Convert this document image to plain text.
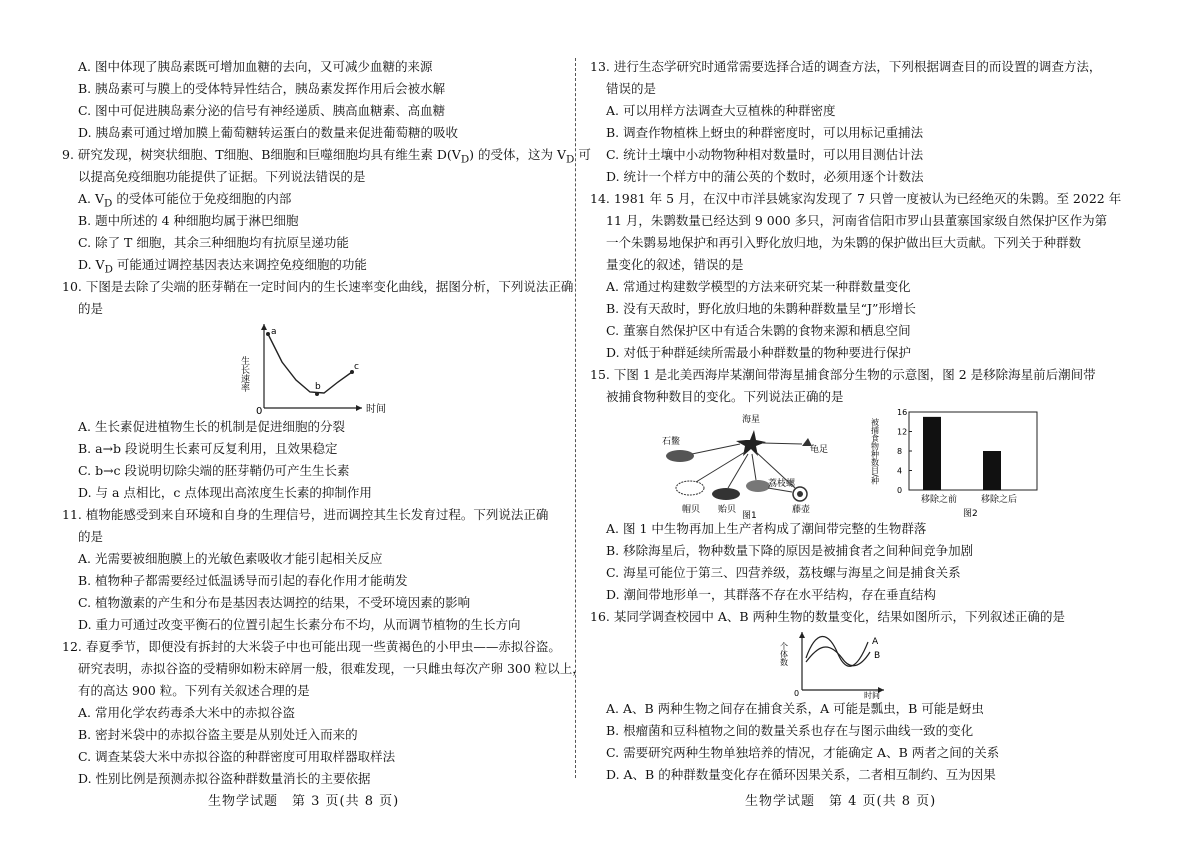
A. 图中体现了胰岛素既可增加血糖的去向，又可减少血糖的来源
B. 胰岛素可与膜上的受体特异性结合，胰岛素发挥作用后会被水解
C. 图中可促进胰岛素分泌的信号有神经递质、胰高血糖素、高血糖
D. 胰岛素可通过增加膜上葡萄糖转运蛋白的数量来促进葡萄糖的吸收
9. 研究发现，树突状细胞、T细胞、B细胞和巨噬细胞均具有维生素 $D(V_D)$ 的受体，这为 $V_D$ 可
以提高免疫细胞功能提供了证据。下列说法错误的是
A. $V_D$ 的受体可能位于免疫细胞的内部
B. 题中所述的 4 种细胞均属于淋巴细胞
C. 除了 T 细胞，其余三种细胞均有抗原呈递功能
D. $V_D$ 可能通过调控基因表达来调控免疫细胞的功能
10. 下图是去除了尖端的胚芽鞘在一定时间内的生长速率变化曲线，据图分析，下列说法正确
的是
生长速率
时间
0
a
b
c
A. 生长素促进植物生长的机制是促进细胞的分裂
B. a→b 段说明生长素可反复利用，且效果稳定
C. b→c 段说明切除尖端的胚芽鞘仍可产生生长素
D. 与 a 点相比，c 点体现出高浓度生长素的抑制作用
11. 植物能感受到来自环境和自身的生理信号，进而调控其生长发育过程。下列说法正确
的是
A. 光需要被细胞膜上的光敏色素吸收才能引起相关反应
B. 植物种子都需要经过低温诱导而引起的春化作用才能萌发
C. 植物激素的产生和分布是基因表达调控的结果，不受环境因素的影响
D. 重力可通过改变平衡石的位置引起生长素分布不均，从而调节植物的生长方向
12. 春夏季节，即便没有拆封的大米袋子中也可能出现一些黄褐色的小甲虫——赤拟谷盗。
研究表明，赤拟谷盗的受精卵如粉末碎屑一般，很难发现，一只雌虫每次产卵 300 粒以上，
有的高达 900 粒。下列有关叙述合理的是
A. 常用化学农药毒杀大米中的赤拟谷盗
B. 密封米袋中的赤拟谷盗主要是从别处迁入而来的
C. 调查某袋大米中赤拟谷盗的种群密度可用取样器取样法
D. 性别比例是预测赤拟谷盗种群数量消长的主要依据
13. 进行生态学研究时通常需要选择合适的调查方法，下列根据调查目的而设置的调查方法，
错误的是
A. 可以用样方法调查大豆植株的种群密度
B. 调查作物植株上蚜虫的种群密度时，可以用标记重捕法
C. 统计土壤中小动物物种相对数量时，可以用目测估计法
D. 统计一个样方中的蒲公英的个数时，必须用逐个计数法
14. 1981 年 5 月，在汉中市洋县姚家沟发现了 7 只曾一度被认为已经绝灭的朱鹮。至 2022 年
11 月，朱鹮数量已经达到 9 000 多只，河南省信阳市罗山县董寨国家级自然保护区作为第
一个朱鹮易地保护和再引入野化放归地，为朱鹮的保护做出巨大贡献。下列关于种群数
量变化的叙述，错误的是
A. 常通过构建数学模型的方法来研究某一种群数量变化
B. 没有天敌时，野化放归地的朱鹮种群数量呈“J”形增长
C. 董寨自然保护区中有适合朱鹮的食物来源和栖息空间
D. 对低于种群延续所需最小种群数量的物种要进行保护
15. 下图 1 是北美西海岸某潮间带海星捕食部分生物的示意图，图 2 是移除海星前后潮间带
被捕食物种数目的变化。下列说法正确的是
海星
石鳖
龟足
帽贝 贻贝
荔枝螺
藤壶
图1
被捕食物种数目/种
0
4
8
12
16
移除之前	移除之后
图2
A. 图 1 中生物再加上生产者构成了潮间带完整的生物群落
B. 移除海星后，物种数量下降的原因是被捕食者之间种间竞争加剧
C. 海星可能位于第三、四营养级，荔枝螺与海星之间是捕食关系
D. 潮间带地形单一，其群落不存在水平结构，存在垂直结构
16. 某同学调查校园中 A、B 两种生物的数量变化，结果如图所示，下列叙述正确的是
个体数
时间
0
A
B
A. A、B 两种生物之间存在捕食关系，A 可能是瓢虫，B 可能是蚜虫
B. 根瘤菌和豆科植物之间的数量关系也存在与图示曲线一致的变化
C. 需要研究两种生物单独培养的情况，才能确定 A、B 两者之间的关系
D. A、B 的种群数量变化存在循环因果关系，二者相互制约、互为因果
生物学试题　第 3 页(共 8 页)	生物学试题　第 4 页(共 8 页)
